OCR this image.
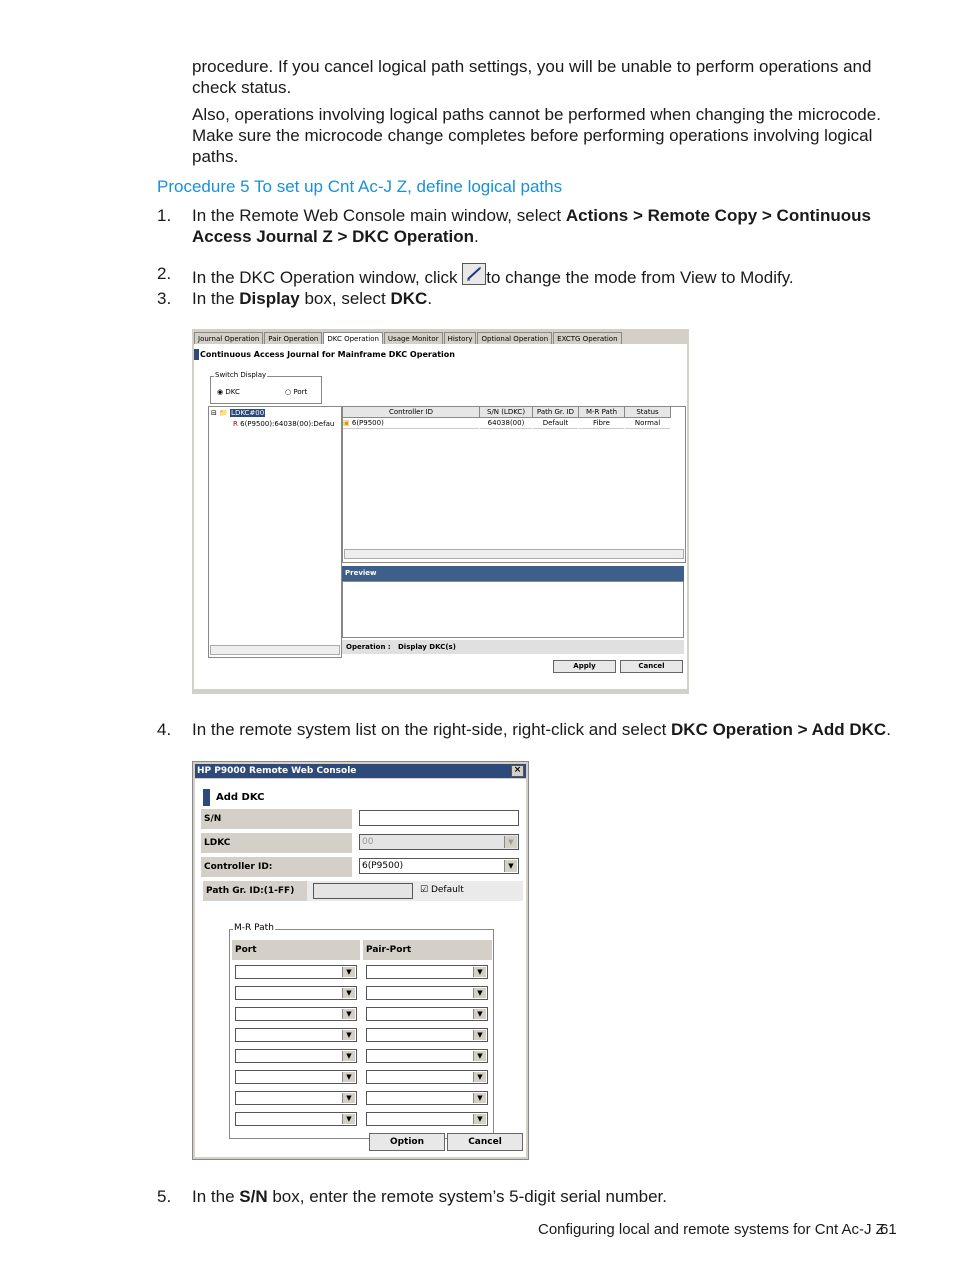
procedure. If you cancel logical path settings, you will be unable to perform operations and check status.
Also, operations involving logical paths cannot be performed when changing the microcode. Make sure the microcode change completes before performing operations involving logical paths.
Procedure 5 To set up Cnt Ac-J Z, define logical paths
1. In the Remote Web Console main window, select Actions > Remote Copy > Continuous Access Journal Z > DKC Operation.
2. In the DKC Operation window, click
to change the mode from View to Modify.
3. In the Display box, select DKC.
Journal Operation	Pair Operation	DKC Operation	Usage Monitor	History	Optional Operation	EXCTG Operation
Continuous Access Journal for Mainframe DKC Operation
Switch Display
◉ DKC	○ Port
⊟ 📁 LDKC#00
R 6(P9500):64038(00):Defau
Controller ID	S/N (LDKC)	Path Gr. ID	M-R Path	Status
▣ 6(P9500)	64038(00)	Default	Fibre	Normal
Preview
Operation : Display DKC(s)
Apply	Cancel
4. In the remote system list on the right-side, right-click and select DKC Operation > Add DKC.
HP P9000 Remote Web Console	×
Add DKC
S/N
LDKC	00	▼
Controller ID:	6(P9500)	▼
Path Gr. ID:(1-FF)	☑ Default
M-R Path
Port	Pair-Port
▼	▼
▼	▼
▼	▼
▼	▼
▼	▼
▼	▼
▼	▼
▼	▼
Option	Cancel
5. In the S/N box, enter the remote system’s 5-digit serial number.
Configuring local and remote systems for Cnt Ac-J Z
61
